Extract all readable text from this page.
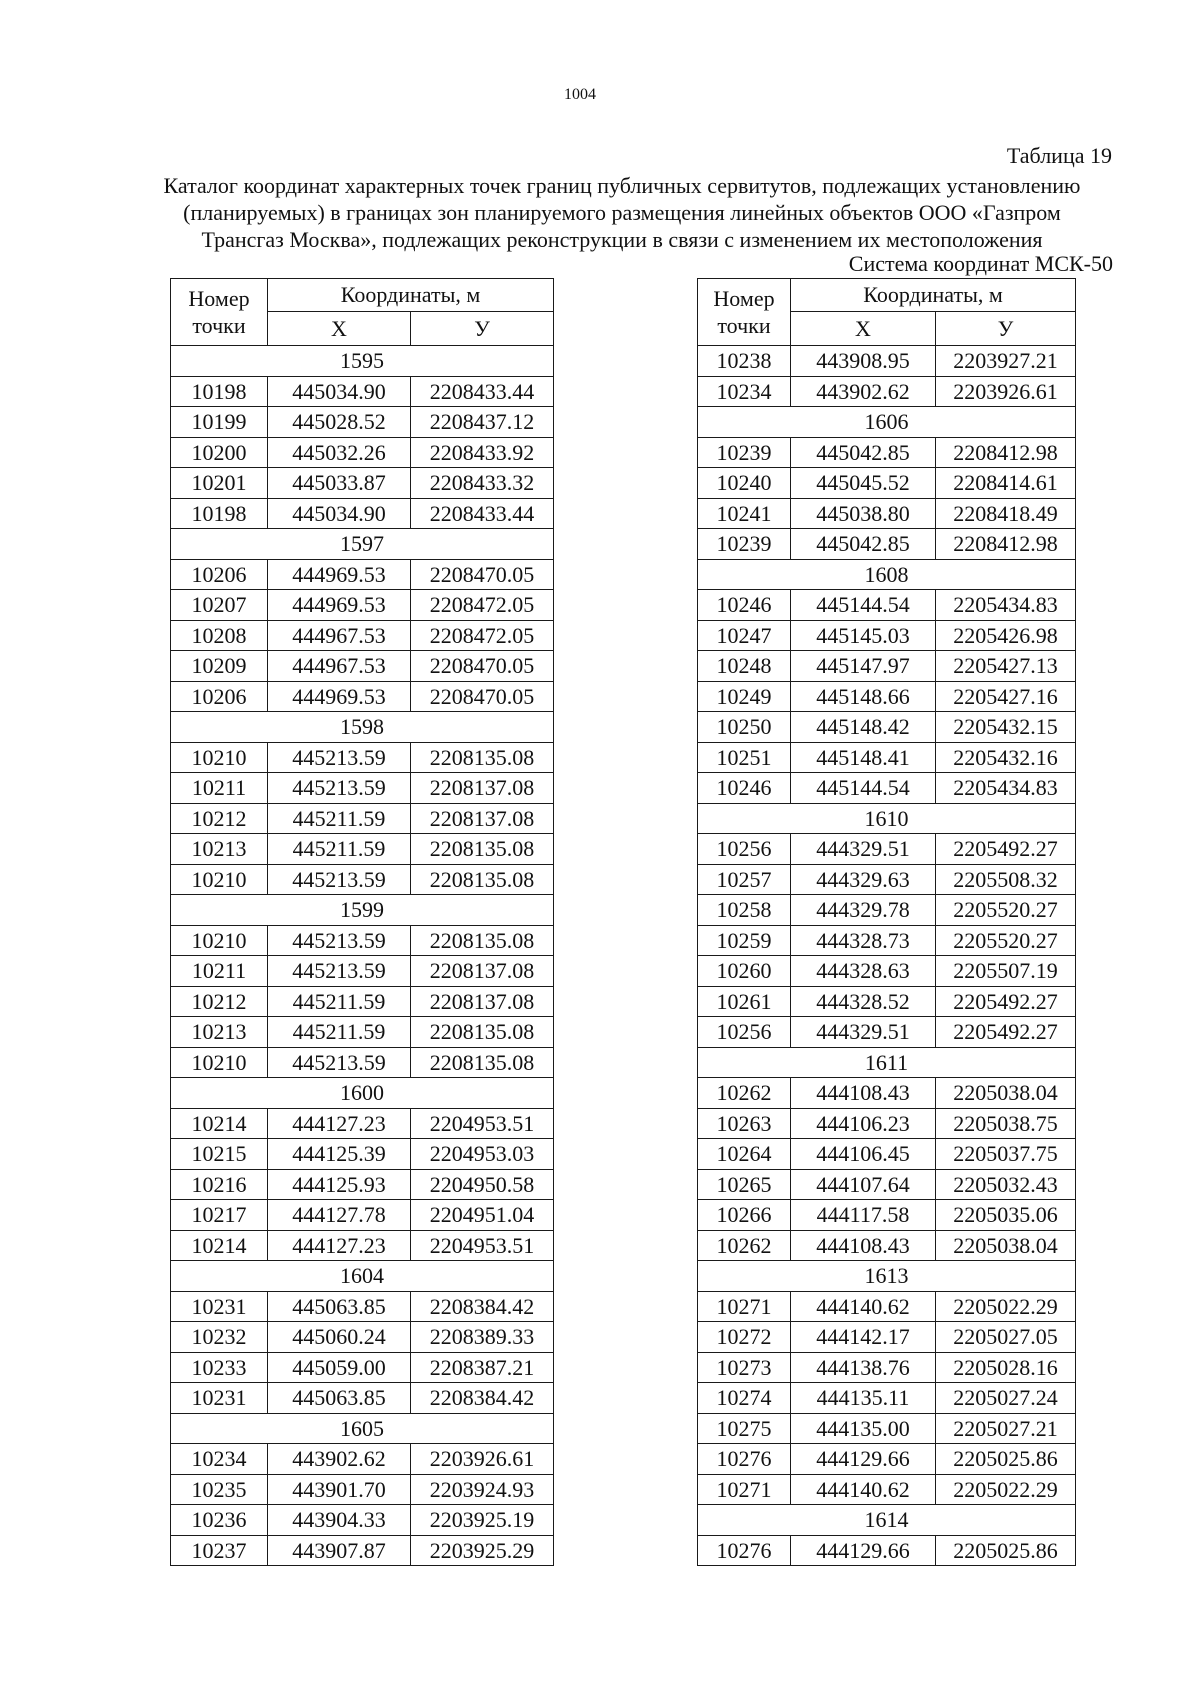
1004
Таблица 19
Каталог координат характерных точек границ публичных сервитутов, подлежащих установлению
(планируемых) в границах зон планируемого размещения линейных объектов ООО «Газпром
Трансгаз Москва», подлежащих реконструкции в связи с изменением их местоположения
Система координат МСК-50
Номер
точки	Координаты, м	
	Х	У
1595		
10198	445034.90	2208433.44
10199	445028.52	2208437.12
10200	445032.26	2208433.92
10201	445033.87	2208433.32
10198	445034.90	2208433.44
1597		
10206	444969.53	2208470.05
10207	444969.53	2208472.05
10208	444967.53	2208472.05
10209	444967.53	2208470.05
10206	444969.53	2208470.05
1598		
10210	445213.59	2208135.08
10211	445213.59	2208137.08
10212	445211.59	2208137.08
10213	445211.59	2208135.08
10210	445213.59	2208135.08
1599		
10210	445213.59	2208135.08
10211	445213.59	2208137.08
10212	445211.59	2208137.08
10213	445211.59	2208135.08
10210	445213.59	2208135.08
1600		
10214	444127.23	2204953.51
10215	444125.39	2204953.03
10216	444125.93	2204950.58
10217	444127.78	2204951.04
10214	444127.23	2204953.51
1604		
10231	445063.85	2208384.42
10232	445060.24	2208389.33
10233	445059.00	2208387.21
10231	445063.85	2208384.42
1605		
10234	443902.62	2203926.61
10235	443901.70	2203924.93
10236	443904.33	2203925.19
10237	443907.87	2203925.29
Номер
точки	Координаты, м	
	Х	У
10238	443908.95	2203927.21
10234	443902.62	2203926.61
1606		
10239	445042.85	2208412.98
10240	445045.52	2208414.61
10241	445038.80	2208418.49
10239	445042.85	2208412.98
1608		
10246	445144.54	2205434.83
10247	445145.03	2205426.98
10248	445147.97	2205427.13
10249	445148.66	2205427.16
10250	445148.42	2205432.15
10251	445148.41	2205432.16
10246	445144.54	2205434.83
1610		
10256	444329.51	2205492.27
10257	444329.63	2205508.32
10258	444329.78	2205520.27
10259	444328.73	2205520.27
10260	444328.63	2205507.19
10261	444328.52	2205492.27
10256	444329.51	2205492.27
1611		
10262	444108.43	2205038.04
10263	444106.23	2205038.75
10264	444106.45	2205037.75
10265	444107.64	2205032.43
10266	444117.58	2205035.06
10262	444108.43	2205038.04
1613		
10271	444140.62	2205022.29
10272	444142.17	2205027.05
10273	444138.76	2205028.16
10274	444135.11	2205027.24
10275	444135.00	2205027.21
10276	444129.66	2205025.86
10271	444140.62	2205022.29
1614		
10276	444129.66	2205025.86
